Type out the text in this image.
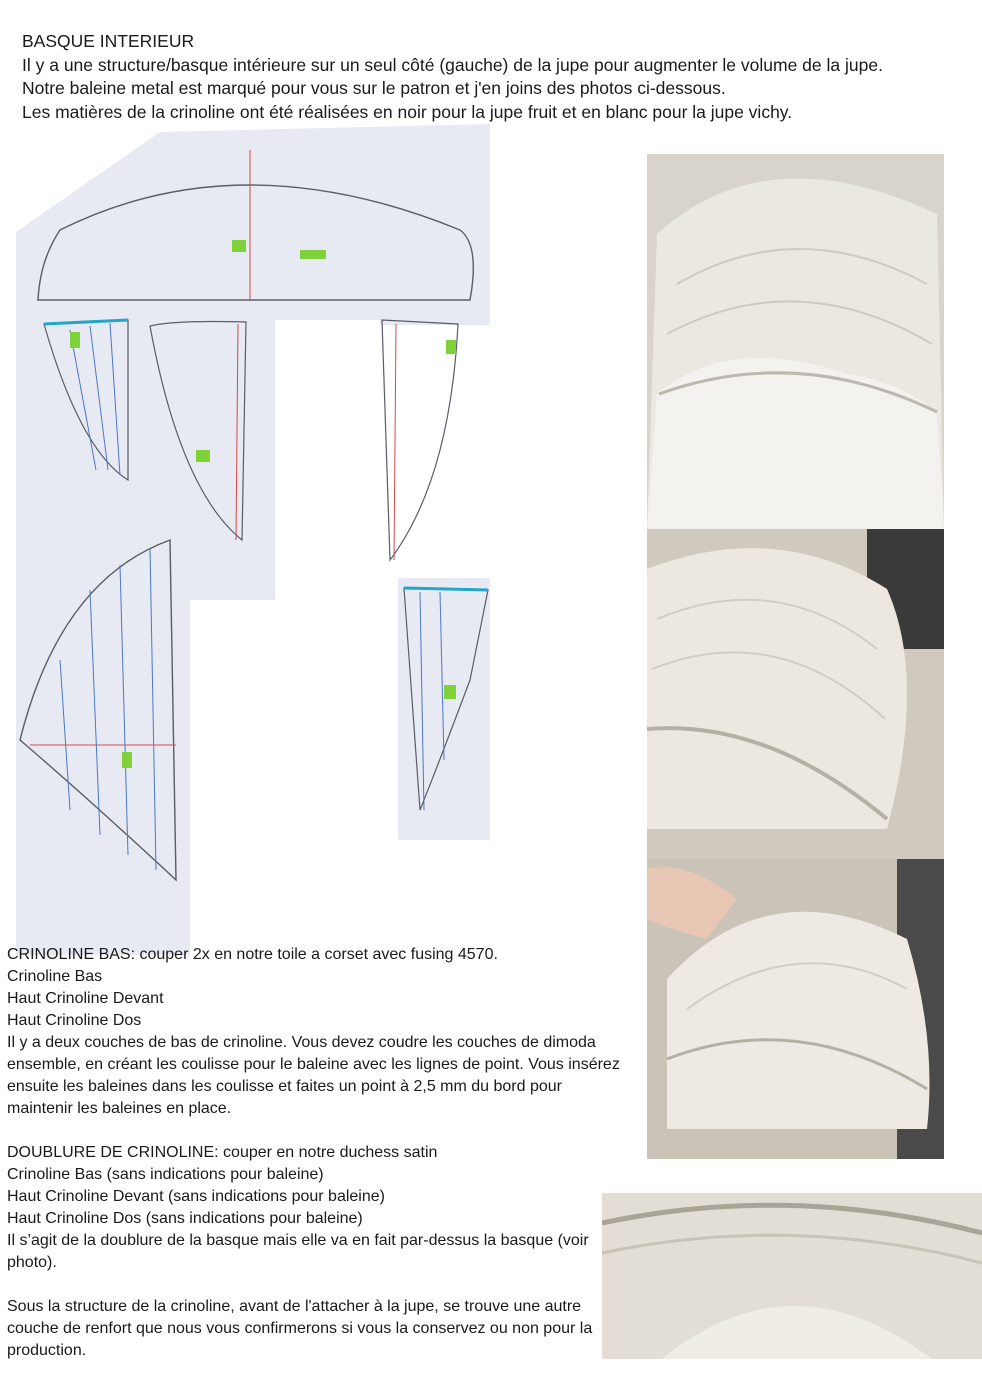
BASQUE INTERIEUR
Il y a une structure/basque intérieure sur un seul côté (gauche) de la jupe pour augmenter le volume de la jupe.
Notre baleine metal est marqué pour vous sur le patron et j'en joins des photos ci-dessous.
Les matières de la crinoline ont été réalisées en noir pour la jupe fruit et en blanc pour la jupe vichy.
CRINOLINE BAS: couper 2x en notre toile a corset avec fusing 4570.
Crinoline Bas
Haut Crinoline Devant
Haut Crinoline Dos
Il y a deux couches de bas de crinoline. Vous devez coudre les couches de dimoda ensemble, en créant les coulisse pour le baleine avec les lignes de point. Vous insérez ensuite les baleines dans les coulisse et faites un point à 2,5 mm du bord pour maintenir les baleines en place.
DOUBLURE DE CRINOLINE: couper en notre duchess satin
Crinoline Bas (sans indications pour baleine)
Haut Crinoline Devant (sans indications pour baleine)
Haut Crinoline Dos (sans indications pour baleine)
Il s’agit de la doublure de la basque mais elle va en fait par-dessus la basque (voir photo).
Sous la structure de la crinoline, avant de l'attacher à la jupe, se trouve une autre couche de renfort que nous vous confirmerons si vous la conservez ou non pour la production.
